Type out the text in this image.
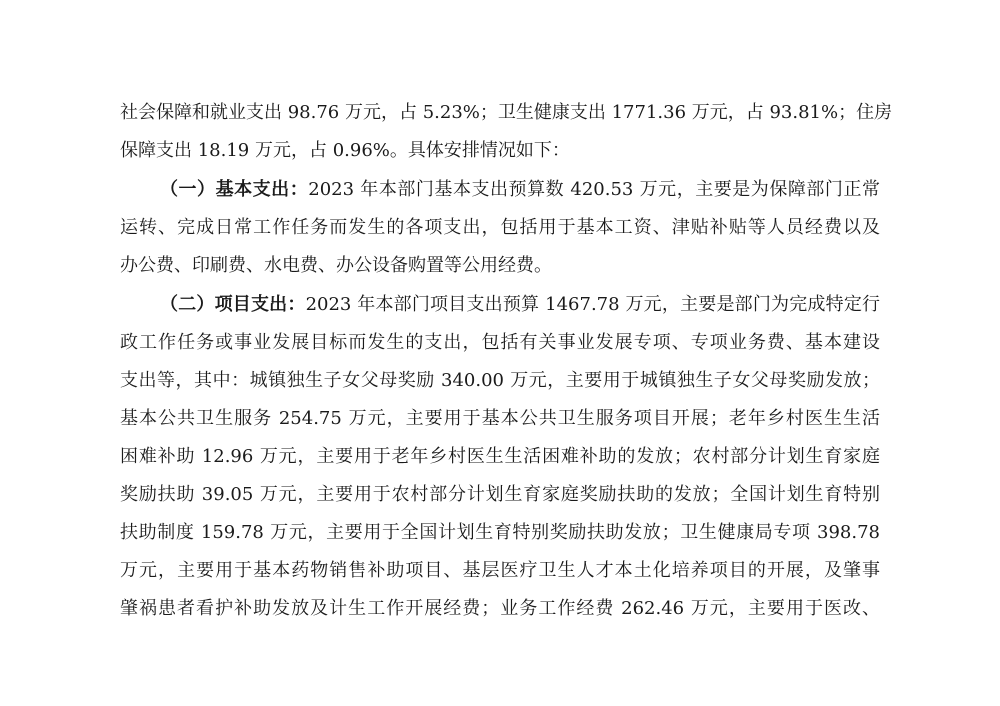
社会保障和就业支出 98.76 万元，占 5.23%；卫生健康支出 1771.36 万元，占 93.81%；住房
保障支出 18.19 万元，占 0.96%。具体安排情况如下：
（一）基本支出：2023 年本部门基本支出预算数 420.53 万元，主要是为保障部门正常
运转、完成日常工作任务而发生的各项支出，包括用于基本工资、津贴补贴等人员经费以及
办公费、印刷费、水电费、办公设备购置等公用经费。
（二）项目支出：2023 年本部门项目支出预算 1467.78 万元，主要是部门为完成特定行
政工作任务或事业发展目标而发生的支出，包括有关事业发展专项、专项业务费、基本建设
支出等，其中：城镇独生子女父母奖励 340.00 万元，主要用于城镇独生子女父母奖励发放；
基本公共卫生服务 254.75 万元，主要用于基本公共卫生服务项目开展；老年乡村医生生活
困难补助 12.96 万元，主要用于老年乡村医生生活困难补助的发放；农村部分计划生育家庭
奖励扶助 39.05 万元，主要用于农村部分计划生育家庭奖励扶助的发放；全国计划生育特别
扶助制度 159.78 万元，主要用于全国计划生育特别奖励扶助发放；卫生健康局专项 398.78
万元，主要用于基本药物销售补助项目、基层医疗卫生人才本土化培养项目的开展，及肇事
肇祸患者看护补助发放及计生工作开展经费；业务工作经费 262.46 万元，主要用于医改、
